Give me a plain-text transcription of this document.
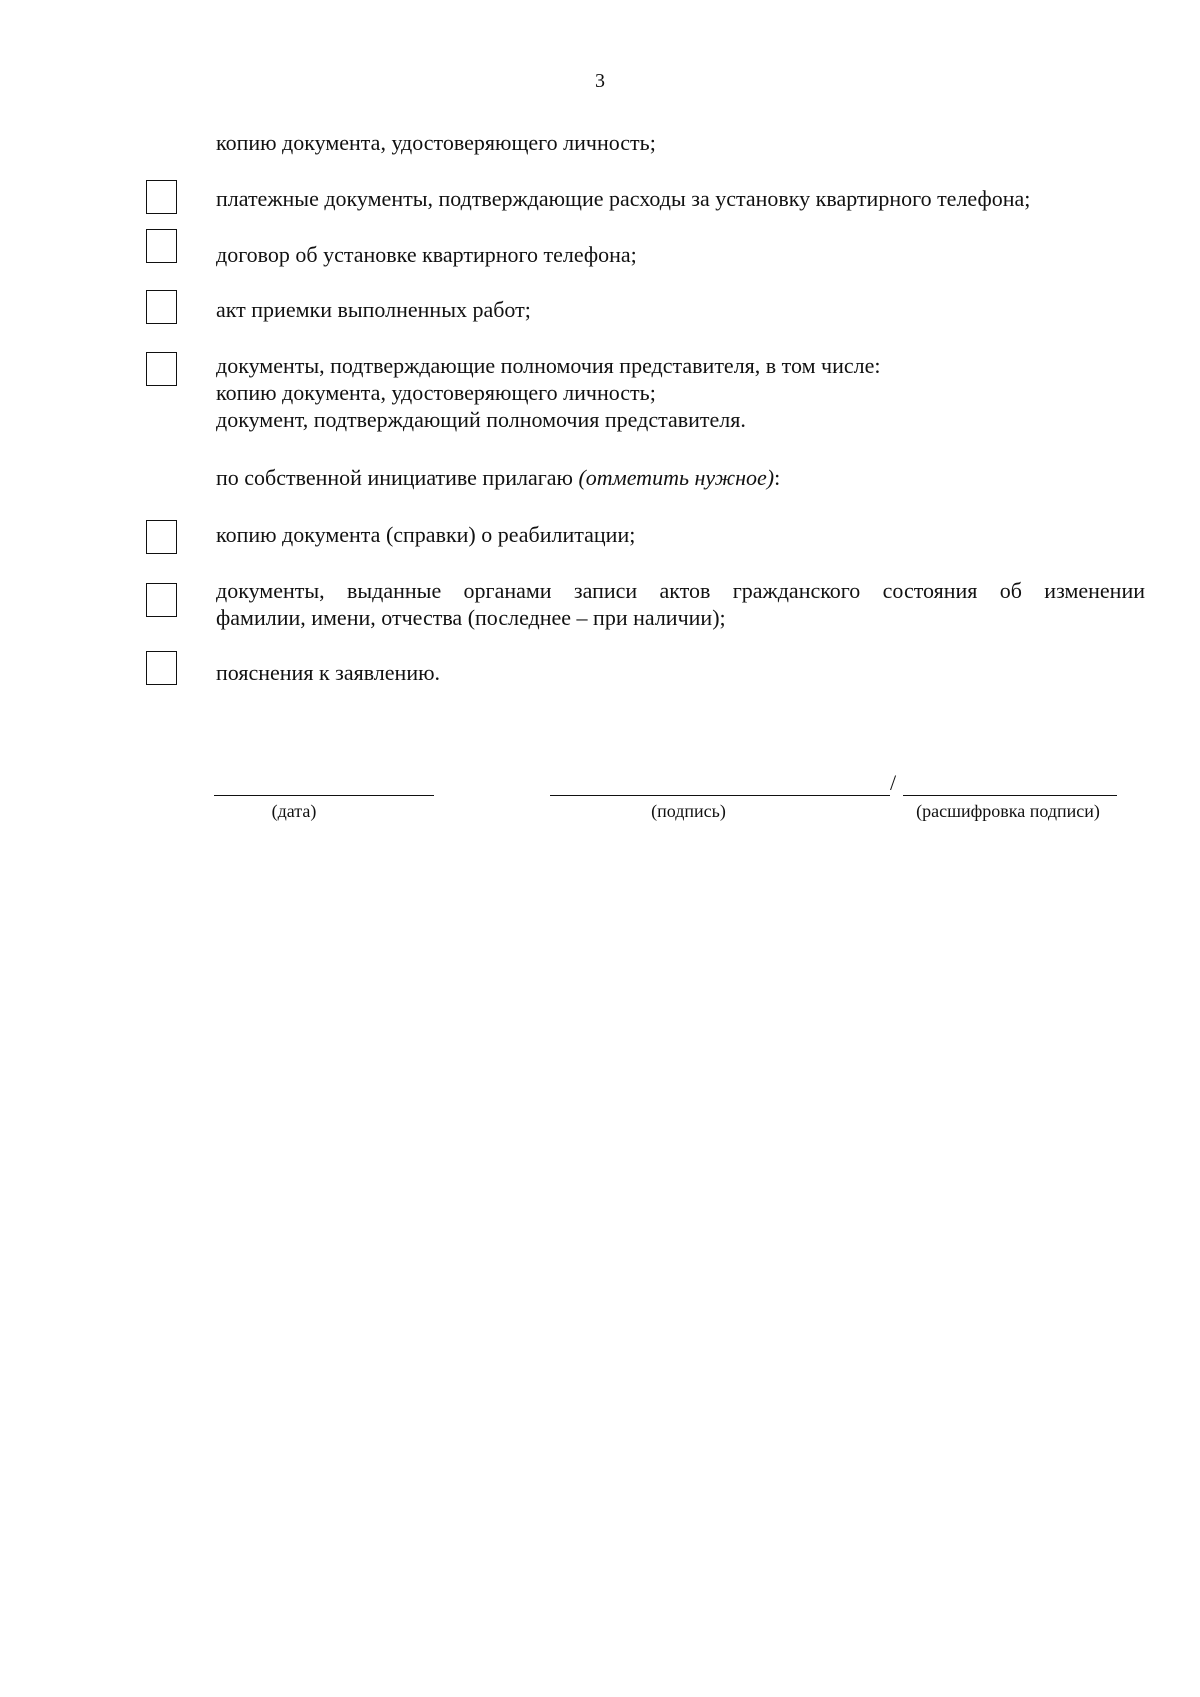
3
копию документа, удостоверяющего личность;
платежные документы, подтверждающие расходы за установку квартирного телефона;
договор об установке квартирного телефона;
акт приемки выполненных работ;
документы, подтверждающие полномочия представителя, в том числе:
копию документа, удостоверяющего личность;
документ, подтверждающий полномочия представителя.
по собственной инициативе прилагаю (отметить нужное):
копию документа (справки) о реабилитации;
документы, выданные органами записи актов гражданского состояния об изменении
фамилии, имени, отчества (последнее – при наличии);
пояснения к заявлению.
(дата)	(подпись)
/
(расшифровка подписи)
